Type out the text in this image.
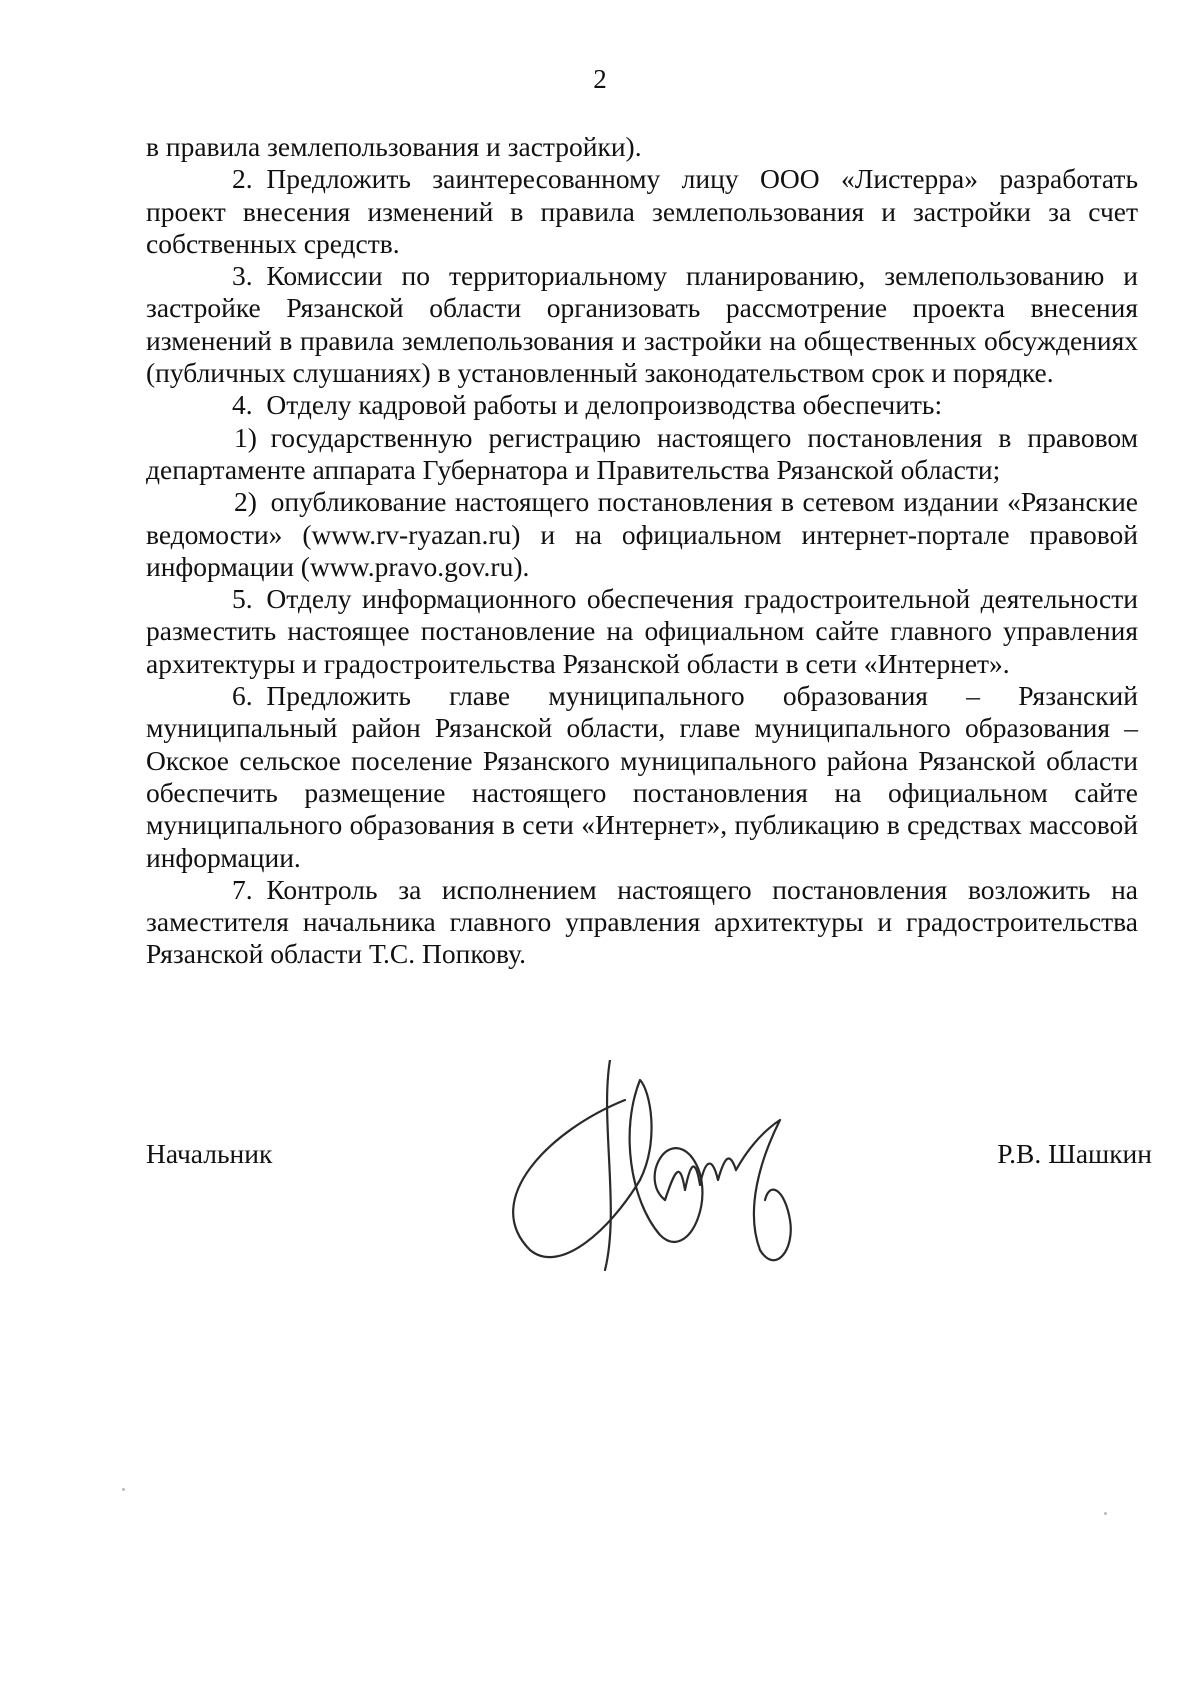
2

в правила землепользования и застройки).

2. Предложить заинтересованному лицу ООО «Листерра» разработать проект внесения изменений в правила землепользования и застройки за счет собственных средств.

3. Комиссии по территориальному планированию, землепользованию и застройке Рязанской области организовать рассмотрение проекта внесения изменений в правила землепользования и застройки на общественных обсуждениях (публичных слушаниях) в установленный законодательством срок и порядке.

4. Отделу кадровой работы и делопроизводства обеспечить:

1) государственную регистрацию настоящего постановления в правовом департаменте аппарата Губернатора и Правительства Рязанской области;

2) опубликование настоящего постановления в сетевом издании «Рязанские ведомости» (www.rv-ryazan.ru) и на официальном интернет-портале правовой информации (www.pravo.gov.ru).

5. Отделу информационного обеспечения градостроительной деятельности разместить настоящее постановление на официальном сайте главного управления архитектуры и градостроительства Рязанской области в сети «Интернет».

6. Предложить главе муниципального образования – Рязанский муниципальный район Рязанской области, главе муниципального образования – Окское сельское поселение Рязанского муниципального района Рязанской области обеспечить размещение настоящего постановления на официальном сайте муниципального образования в сети «Интернет», публикацию в средствах массовой информации.

7. Контроль за исполнением настоящего постановления возложить на заместителя начальника главного управления архитектуры и градостроительства Рязанской области Т.С. Попкову.

Начальник	Р.В. Шашкин
